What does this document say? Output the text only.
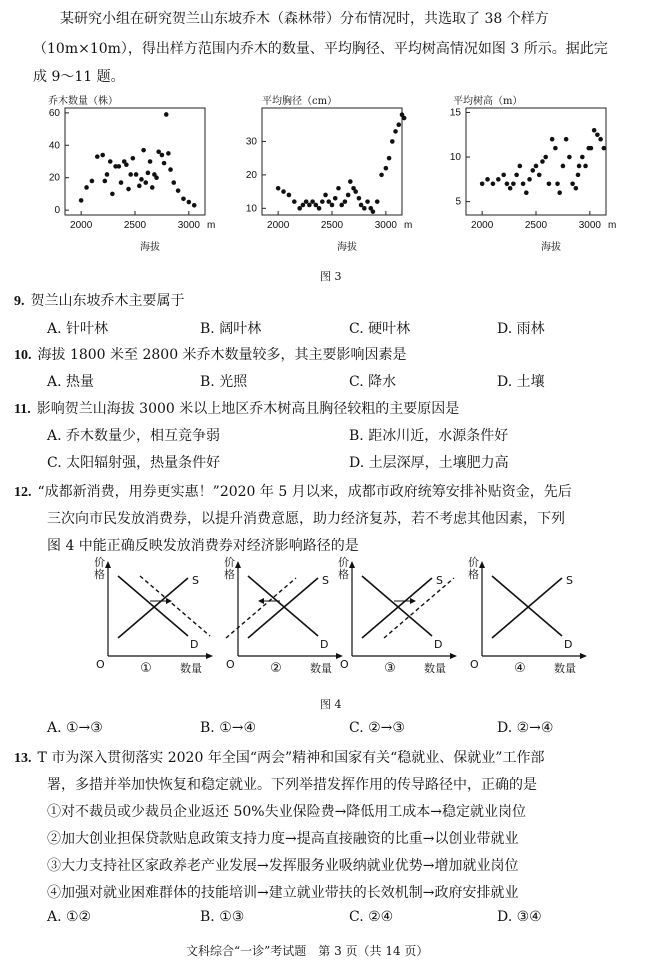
某研究小组在研究贺兰山东坡乔木（森林带）分布情况时，共选取了 38 个样方
（10m×10m），得出样方范围内乔木的数量、平均胸径、平均树高情况如图 3 所示。据此完
成 9～11 题。
乔木数量（株）	平均胸径（cm）	平均树高（m）
0
20
40
60
2000	2500	3000 m
海拔
10
20
30
2000	2500	3000 m
海拔
5
10
15
2000	2500	3000 m
海拔
图 3
9. 贺兰山东坡乔木主要属于
A. 针叶林	B. 阔叶林	C. 硬叶林	D. 雨林
10. 海拔 1800 米至 2800 米乔木数量较多，其主要影响因素是
A. 热量	B. 光照	C. 降水	D. 土壤
11. 影响贺兰山海拔 3000 米以上地区乔木树高且胸径较粗的主要原因是
A. 乔木数量少，相互竞争弱	B. 距冰川近，水源条件好
C. 太阳辐射强，热量条件好	D. 土层深厚，土壤肥力高
12. “成都新消费，用券更实惠！”2020 年 5 月以来，成都市政府统筹安排补贴资金，先后
三次向市民发放消费券，以提升消费意愿，助力经济复苏，若不考虑其他因素，下列
图 4 中能正确反映发放消费券对经济影响路径的是
价
格
O	数量
①
S
D
价
格
O	数量
②
S
D
价
格
O	数量
③
S
D
价
格
O	数量
④
S
D
图 4
A. ①→③	B. ①→④	C. ②→③	D. ②→④
13. T 市为深入贯彻落实 2020 年全国“两会”精神和国家有关“稳就业、保就业”工作部
署，多措并举加快恢复和稳定就业。下列举措发挥作用的传导路径中，正确的是
①对不裁员或少裁员企业返还 50%失业保险费→降低用工成本→稳定就业岗位
②加大创业担保贷款贴息政策支持力度→提高直接融资的比重→以创业带就业
③大力支持社区家政养老产业发展→发挥服务业吸纳就业优势→增加就业岗位
④加强对就业困难群体的技能培训→建立就业带扶的长效机制→政府安排就业
A. ①②	B. ①③	C. ②④	D. ③④
文科综合“一诊”考试题　第 3 页（共 14 页）
